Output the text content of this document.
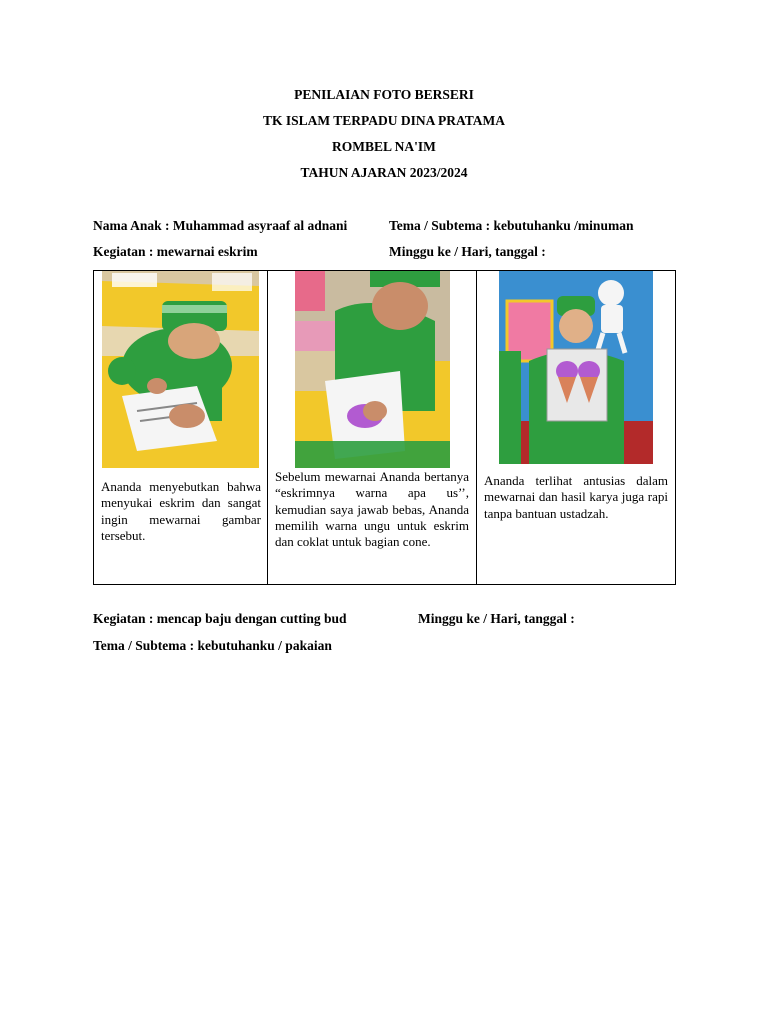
PENILAIAN FOTO BERSERI
TK ISLAM TERPADU DINA PRATAMA
ROMBEL NA'IM
TAHUN AJARAN 2023/2024
Nama Anak : Muhammad asyraaf al adnani	Tema / Subtema : kebutuhanku /minuman
Kegiatan : mewarnai eskrim	Minggu ke / Hari, tanggal :
Ananda menyebutkan bahwa menyukai eskrim dan sangat ingin mewarnai gambar tersebut.

Sebelum mewarnai Ananda bertanya “eskrimnya warna apa us’’, kemudian saya jawab bebas, Ananda memilih warna ungu untuk eskrim dan coklat untuk bagian cone.

Ananda terlihat antusias dalam mewarnai dan hasil karya juga rapi tanpa bantuan ustadzah.
Kegiatan : mencap baju dengan cutting bud	Minggu ke / Hari, tanggal :
Tema / Subtema : kebutuhanku / pakaian
